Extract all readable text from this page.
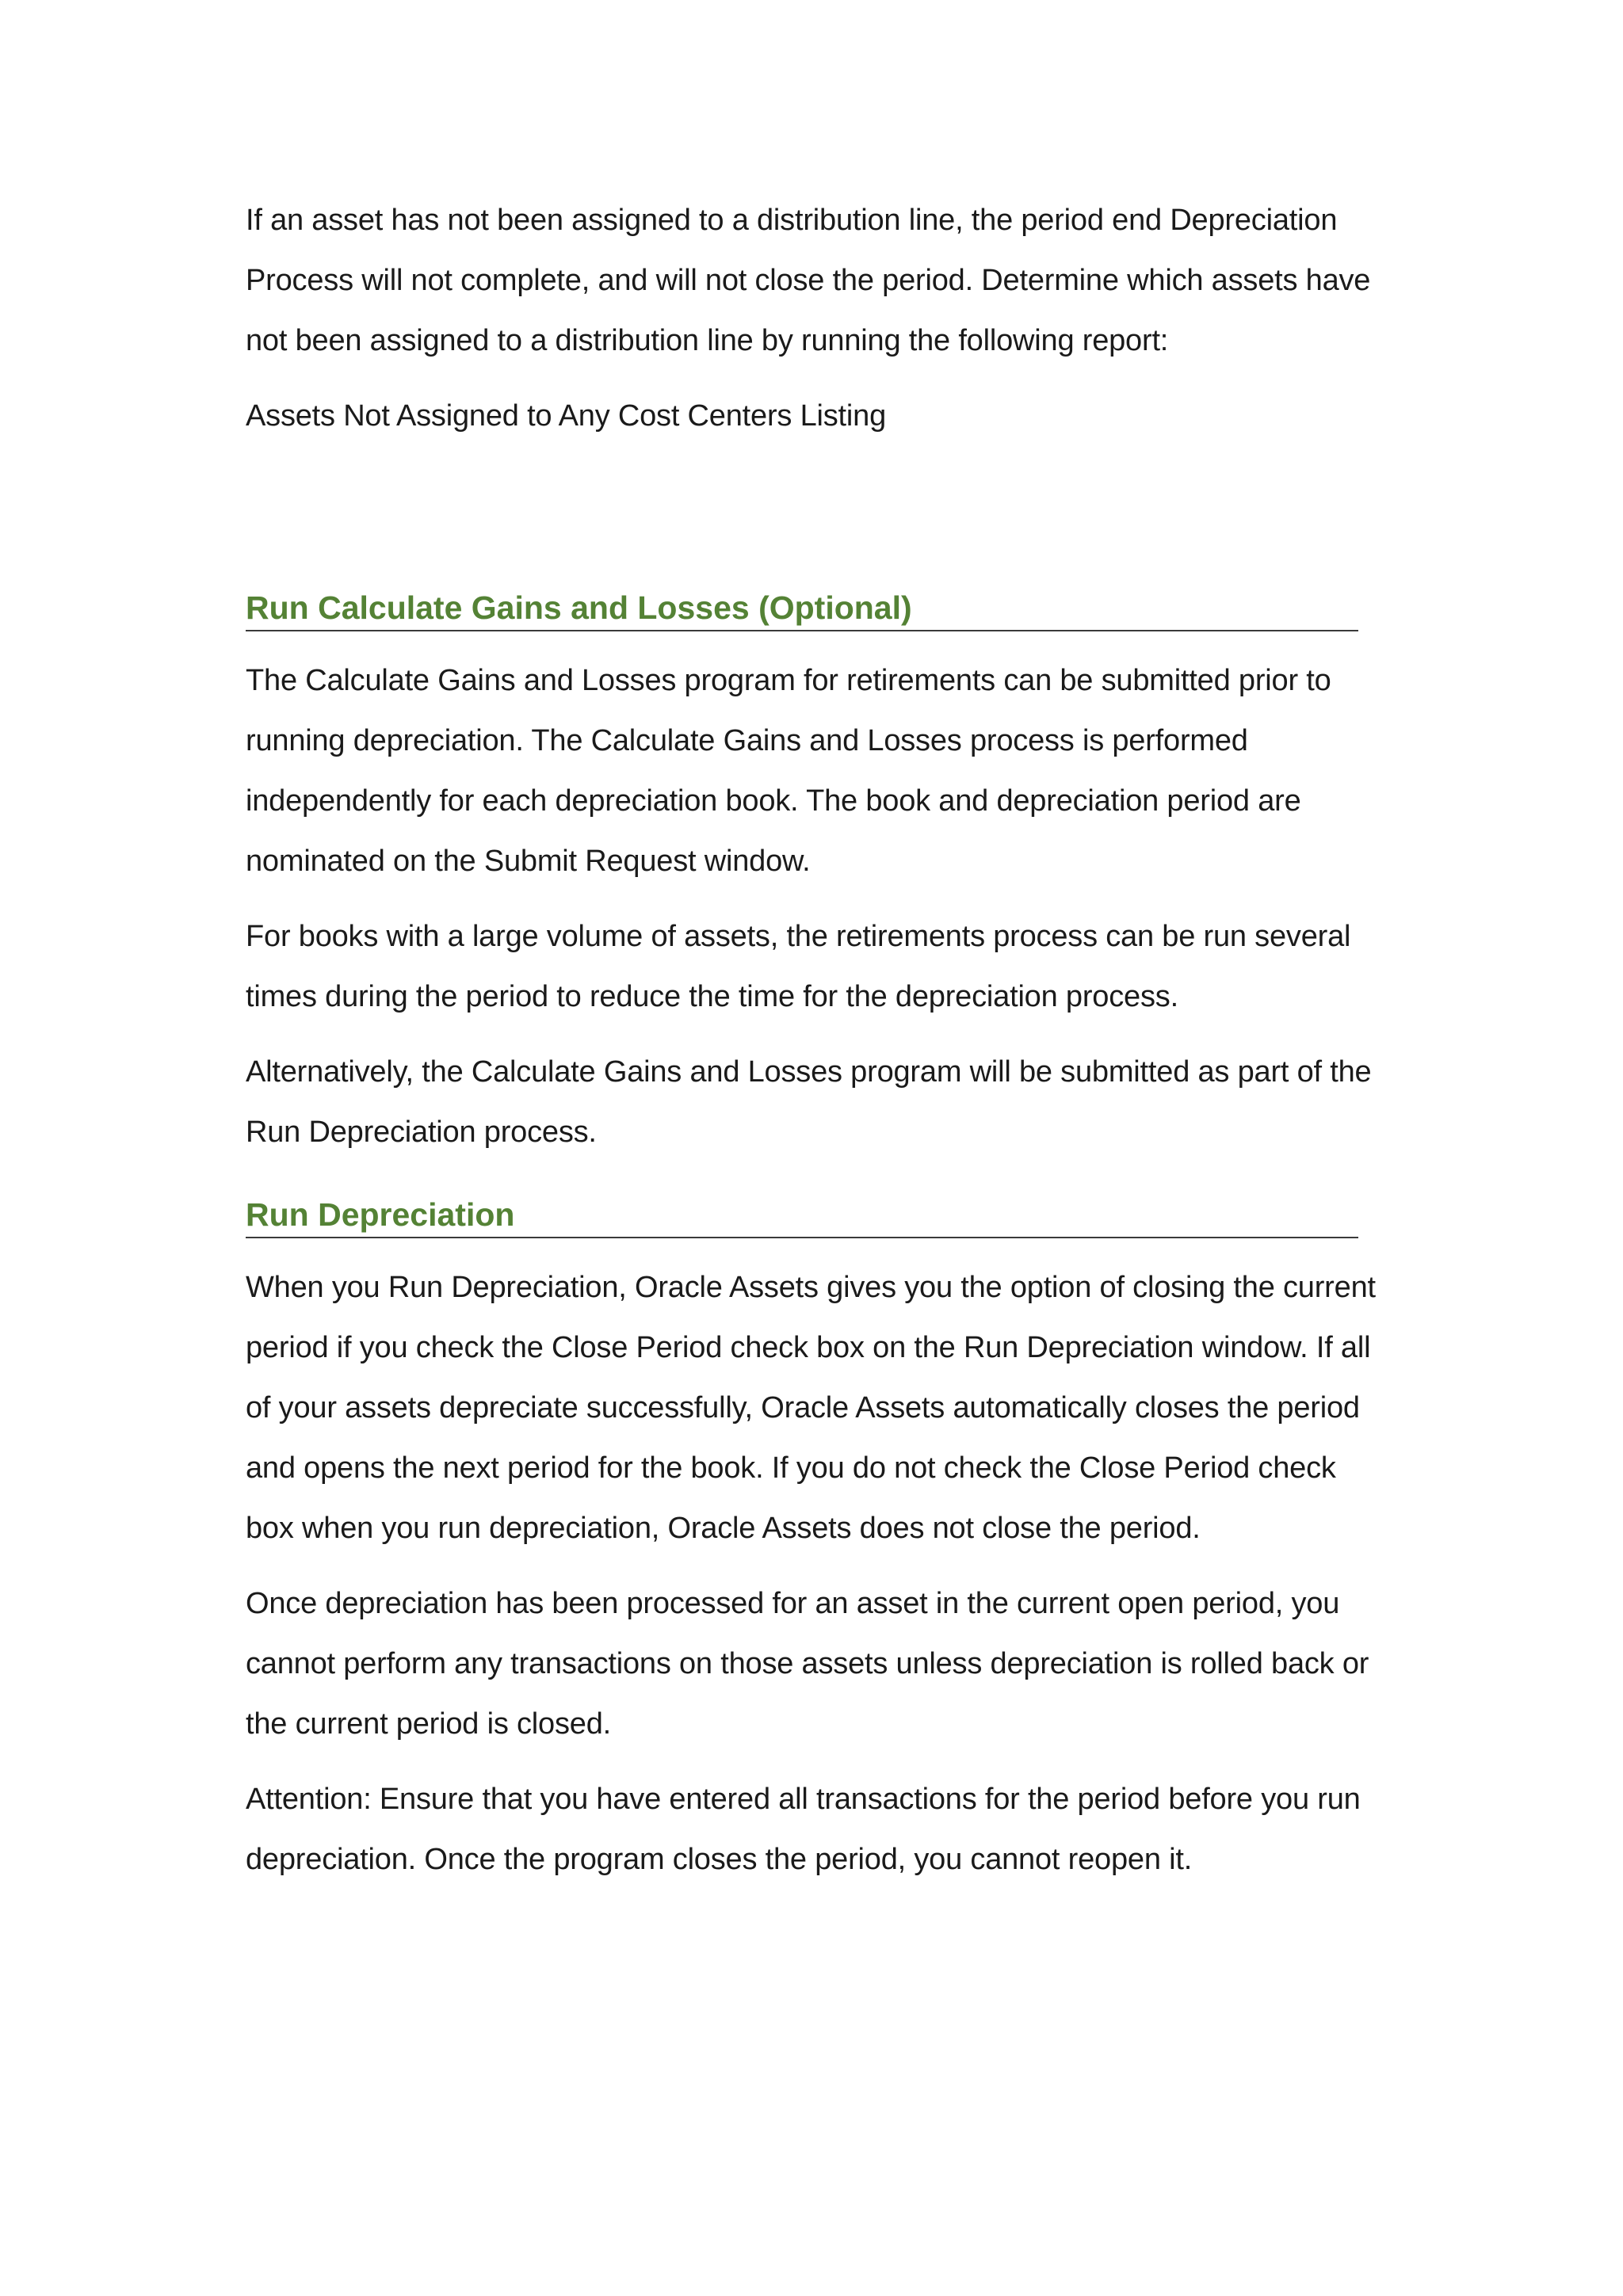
If an asset has not been assigned to a distribution line, the period end Depreciation Process will not complete, and will not close the period. Determine which assets have not been assigned to a distribution line by running the following report:

Assets Not Assigned to Any Cost Centers Listing

Run Calculate Gains and Losses (Optional)

The Calculate Gains and Losses program for retirements can be submitted prior to running depreciation. The Calculate Gains and Losses process is performed independently for each depreciation book. The book and depreciation period are nominated on the Submit Request window.

For books with a large volume of assets, the retirements process can be run several times during the period to reduce the time for the depreciation process.

Alternatively, the Calculate Gains and Losses program will be submitted as part of the Run Depreciation process.

Run Depreciation

When you Run Depreciation, Oracle Assets gives you the option of closing the current period if you check the Close Period check box on the Run Depreciation window. If all of your assets depreciate successfully, Oracle Assets automatically closes the period and opens the next period for the book. If you do not check the Close Period check box when you run depreciation, Oracle Assets does not close the period.

Once depreciation has been processed for an asset in the current open period, you cannot perform any transactions on those assets unless depreciation is rolled back or the current period is closed.

Attention: Ensure that you have entered all transactions for the period before you run depreciation. Once the program closes the period, you cannot reopen it.
